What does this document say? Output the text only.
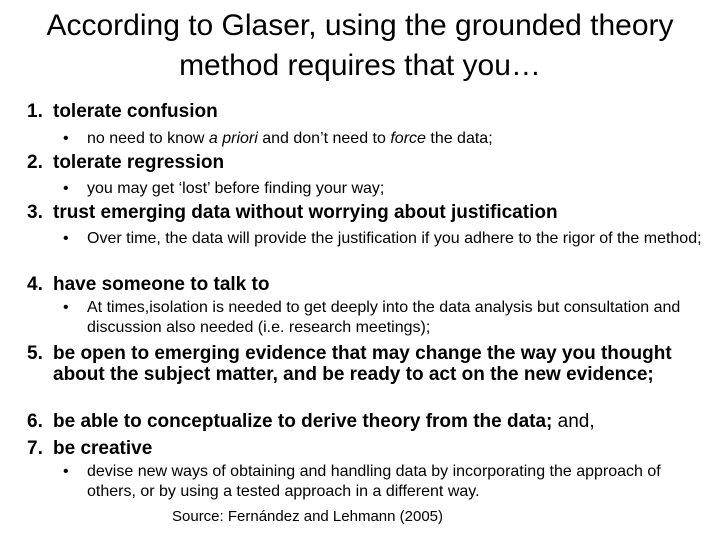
According to Glaser, using the grounded theory method requires that you…
1. tolerate confusion
•	no need to know a priori and don’t need to force the data;
2. tolerate regression
•	you may get ‘lost’ before finding your way;
3. trust emerging data without worrying about justification
•	Over time, the data will provide the justification if you adhere to the rigor of the method;
4. have someone to talk to
•	At times,isolation is needed to get deeply into the data analysis but consultation and discussion also needed (i.e. research meetings);
5. be open to emerging evidence that may change the way you thought about the subject matter, and be ready to act on the new evidence;
6. be able to conceptualize to derive theory from the data; and,
7. be creative
•	devise new ways of obtaining and handling data by incorporating the approach of others, or by using a tested approach in a different way.
Source: Fernández and Lehmann (2005)
